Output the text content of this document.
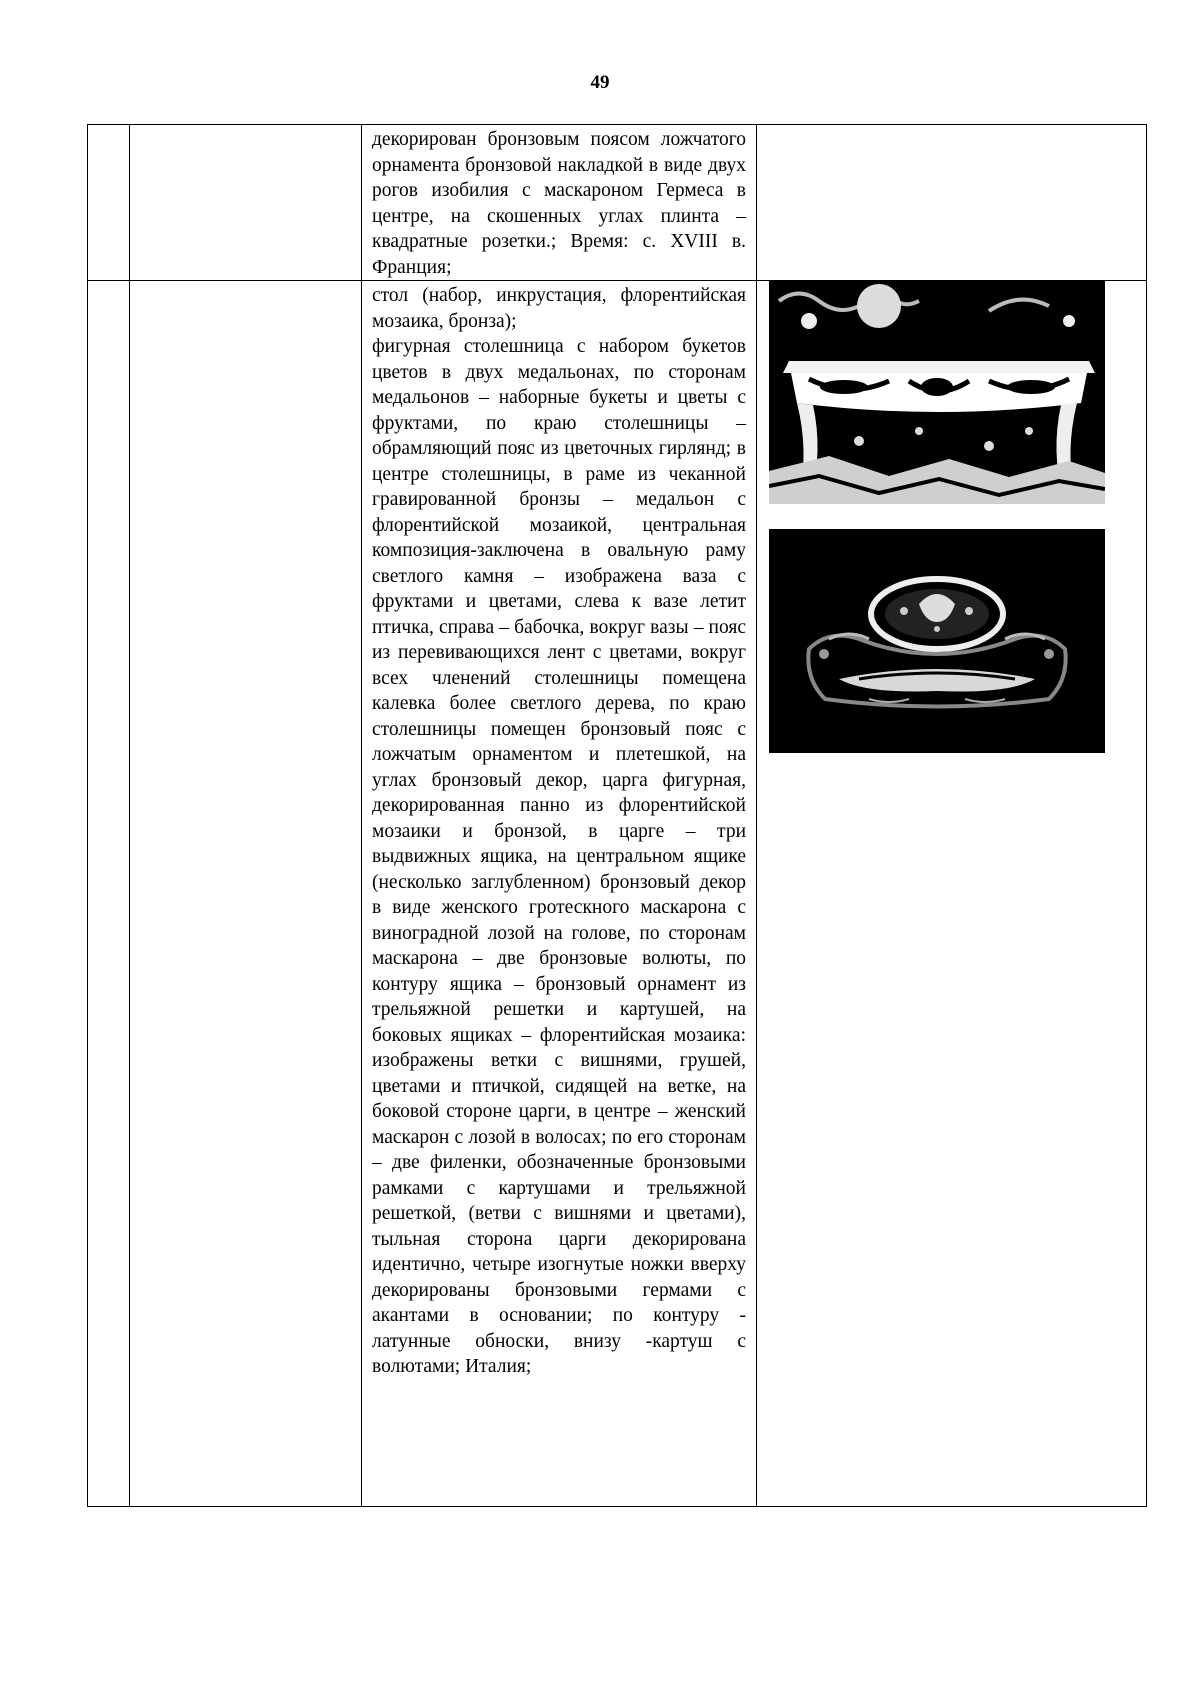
49

		декорирован бронзовым поясом ложчатого орнамента бронзовой накладкой в виде двух рогов изобилия с маскароном Гермеса в центре, на скошенных углах плинта – квадратные розетки.; Время: с. XVIII в. Франция;	

		стол (набор, инкрустация, флорентийская мозаика, бронза);

фигурная столешница с набором букетов цветов в двух медальонах, по сторонам медальонов – наборные букеты и цветы с фруктами, по краю столешницы – обрамляющий пояс из цветочных гирлянд; в центре столешницы, в раме из чеканной гравированной бронзы – медальон с флорентийской мозаикой, центральная композиция-заключена в овальную раму светлого камня – изображена ваза с фруктами и цветами, слева к вазе летит птичка, справа – бабочка, вокруг вазы – пояс из перевивающихся лент с цветами, вокруг всех членений столешницы помещена калевка более светлого дерева, по краю столешницы помещен бронзовый пояс с ложчатым орнаментом и плетешкой, на углах бронзовый декор, царга фигурная, декорированная панно из флорентийской мозаики и бронзой, в царге – три выдвижных ящика, на центральном ящике (несколько заглубленном) бронзовый декор в виде женского гротескного маскарона с виноградной лозой на голове, по сторонам маскарона – две бронзовые волюты, по контуру ящика – бронзовый орнамент из трельяжной решетки и картушей, на боковых ящиках – флорентийская мозаика: изображены ветки с вишнями, грушей, цветами и птичкой, сидящей на ветке, на боковой стороне царги, в центре – женский маскарон с лозой в волосах; по его сторонам – две филенки, обозначенные бронзовыми рамками с картушами и трельяжной решеткой, (ветви с вишнями и цветами), тыльная сторона царги декорирована идентично, четыре изогнутые ножки вверху декорированы бронзовыми гермами с акантами в основании; по контуру - латунные обноски, внизу -картуш с волютами; Италия;
